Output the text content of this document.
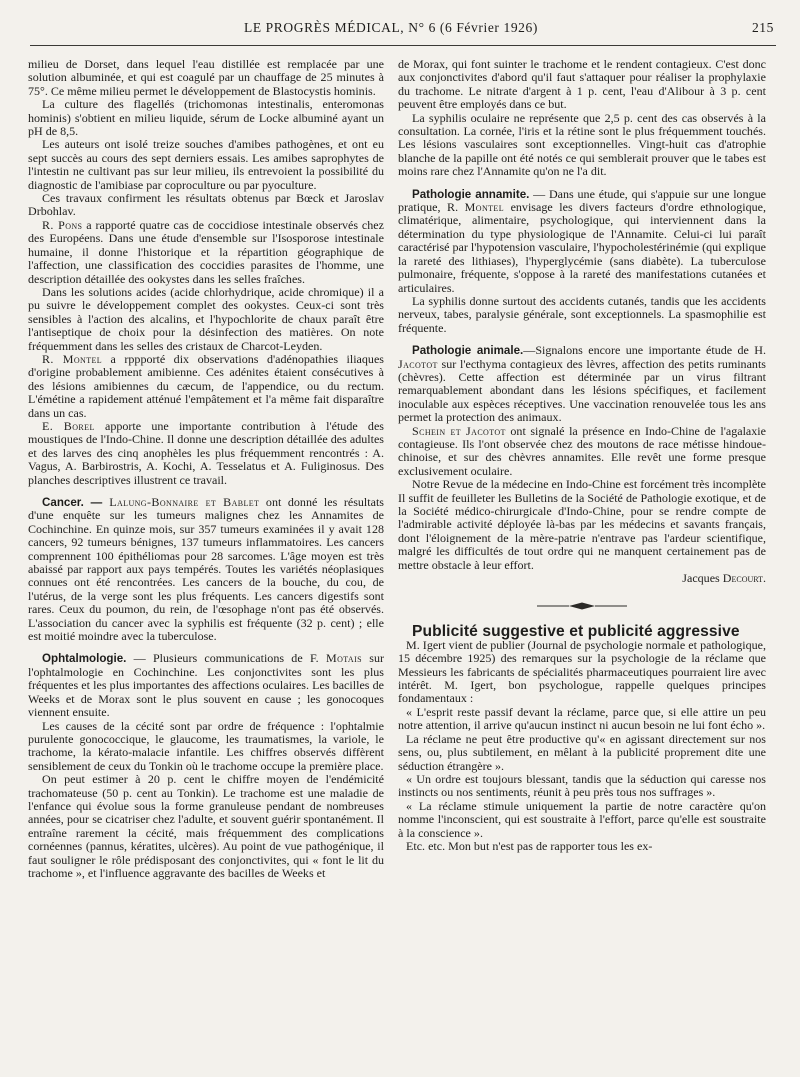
LE PROGRÈS MÉDICAL, N° 6 (6 Février 1926)	215

milieu de Dorset, dans lequel l'eau distillée est remplacée par une solution albuminée, et qui est coagulé par un chauffage de 25 minutes à 75°. Ce même milieu permet le développement de Blastocystis hominis.

La culture des flagellés (trichomonas intestinalis, enteromonas hominis) s'obtient en milieu liquide, sérum de Locke albuminé ayant un pH de 8,5.

Les auteurs ont isolé treize souches d'amibes pathogènes, et ont eu sept succès au cours des sept derniers essais. Les amibes saprophytes de l'intestin ne cultivant pas sur leur milieu, ils entrevoient la possibilité du diagnostic de l'amibiase par coproculture ou par pyoculture.

Ces travaux confirment les résultats obtenus par Bœck et Jaroslav Drbohlav.

R. Pons a rapporté quatre cas de coccidiose intestinale observés chez des Européens. Dans une étude d'ensemble sur l'Isosporose intestinale humaine, il donne l'historique et la répartition géographique de l'affection, une classification des coccidies parasites de l'homme, une description détaillée des ookystes dans les selles fraîches.

Dans les solutions acides (acide chlorhydrique, acide chromique) il a pu suivre le développement complet des ookystes. Ceux-ci sont très sensibles à l'action des alcalins, et l'hypochlorite de chaux paraît être l'antiseptique de choix pour la désinfection des matières. On note fréquemment dans les selles des cristaux de Charcot-Leyden.

R. Montel a rppporté dix observations d'adénopathies iliaques d'origine probablement amibienne. Ces adénites étaient consécutives à des lésions amibiennes du cæcum, de l'appendice, ou du rectum. L'émétine a rapidement atténué l'empâtement et l'a même fait disparaître dans un cas.

E. Borel apporte une importante contribution à l'étude des moustiques de l'Indo-Chine. Il donne une description détaillée des adultes et des larves des cinq anophèles les plus fréquemment rencontrés : A. Vagus, A. Barbirostris, A. Kochi, A. Tesselatus et A. Fuliginosus. Des planches descriptives illustrent ce travail.

Cancer. — Lalung-Bonnaire et Bablet ont donné les résultats d'une enquête sur les tumeurs malignes chez les Annamites de Cochinchine. En quinze mois, sur 357 tumeurs examinées il y avait 128 cancers, 92 tumeurs bénignes, 137 tumeurs inflammatoires. Les cancers comprennent 100 épithéliomas pour 28 sarcomes. L'âge moyen est très abaissé par rapport aux pays tempérés. Toutes les variétés néoplasiques connues ont été rencontrées. Les cancers de la bouche, du cou, de l'utérus, de la verge sont les plus fréquents. Les cancers digestifs sont rares. Ceux du poumon, du rein, de l'œsophage n'ont pas été observés. L'association du cancer avec la syphilis est fréquente (32 p. cent) ; elle est moitié moindre avec la tuberculose.

Ophtalmologie. — Plusieurs communications de F. Motais sur l'ophtalmologie en Cochinchine. Les conjonctivites sont les plus fréquentes et les plus importantes des affections oculaires. Les bacilles de Weeks et de Morax sont le plus souvent en cause ; les gonocoques viennent ensuite.

Les causes de la cécité sont par ordre de fréquence : l'ophtalmie purulente gonococcique, le glaucome, les traumatismes, la variole, le trachome, la kérato-malacie infantile. Les chiffres observés diffèrent sensiblement de ceux du Tonkin où le trachome occupe la première place.

On peut estimer à 20 p. cent le chiffre moyen de l'endémicité trachomateuse (50 p. cent au Tonkin). Le trachome est une maladie de l'enfance qui évolue sous la forme granuleuse pendant de nombreuses années, pour se cicatriser chez l'adulte, et souvent guérir spontanément. Il entraîne rarement la cécité, mais fréquemment des complications cornéennes (pannus, kératites, ulcères). Au point de vue pathogénique, il faut souligner le rôle prédisposant des conjonctivites, qui « font le lit du trachome », et l'influence aggravante des bacilles de Weeks et

de Morax, qui font suinter le trachome et le rendent contagieux. C'est donc aux conjonctivites d'abord qu'il faut s'attaquer pour réaliser la prophylaxie du trachome. Le nitrate d'argent à 1 p. cent, l'eau d'Alibour à 3 p. cent peuvent être employés dans ce but.

La syphilis oculaire ne représente que 2,5 p. cent des cas observés à la consultation. La cornée, l'iris et la rétine sont le plus fréquemment touchés. Les lésions vasculaires sont exceptionnelles. Vingt-huit cas d'atrophie blanche de la papille ont été notés ce qui semblerait prouver que le tabes est moins rare chez l'Annamite qu'on ne l'a dit.

Pathologie annamite. — Dans une étude, qui s'appuie sur une longue pratique, R. Montel envisage les divers facteurs d'ordre ethnologique, climatérique, alimentaire, psychologique, qui interviennent dans la détermination du type physiologique de l'Annamite. Celui-ci lui paraît caractérisé par l'hypotension vasculaire, l'hypocholestérinémie (qui explique la rareté des lithiases), l'hyperglycémie (sans diabète). La tuberculose pulmonaire, fréquente, s'oppose à la rareté des manifestations cutanées et articulaires.

La syphilis donne surtout des accidents cutanés, tandis que les accidents nerveux, tabes, paralysie générale, sont exceptionnels. La spasmophilie est fréquente.

Pathologie animale.—Signalons encore une importante étude de H. Jacotot sur l'ecthyma contagieux des lèvres, affection des petits ruminants (chèvres). Cette affection est déterminée par un virus filtrant remarquablement abondant dans les lésions spécifiques, et facilement inoculable aux espèces réceptives. Une vaccination renouvelée tous les ans permet la protection des animaux.

Schein et Jacotot ont signalé la présence en Indo-Chine de l'agalaxie contagieuse. Ils l'ont observée chez des moutons de race métisse hindoue-chinoise, et sur des chèvres annamites. Elle revêt une forme presque exclusivement oculaire.

Notre Revue de la médecine en Indo-Chine est forcément très incomplète Il suffit de feuilleter les Bulletins de la Société de Pathologie exotique, et de la Société médico-chirurgicale d'Indo-Chine, pour se rendre compte de l'admirable activité déployée là-bas par les médecins et savants français, dont l'éloignement de la mère-patrie n'entrave pas l'ardeur scientifique, malgré les difficultés de tout ordre qui ne manquent certainement pas de mettre obstacle à leur effort.

Jacques Decourt.

Publicité suggestive et publicité aggressive

M. Igert vient de publier (Journal de psychologie normale et pathologique, 15 décembre 1925) des remarques sur la psychologie de la réclame que Messieurs les fabricants de spécialités pharmaceutiques pourraient lire avec intérêt. M. Igert, bon psychologue, rappelle quelques principes fondamentaux :

« L'esprit reste passif devant la réclame, parce que, si elle attire un peu notre attention, il arrive qu'aucun instinct ni aucun besoin ne lui font écho ».

La réclame ne peut être productive qu'« en agissant directement sur nos sens, ou, plus subtilement, en mêlant à la publicité proprement dite une séduction étrangère ».

« Un ordre est toujours blessant, tandis que la séduction qui caresse nos instincts ou nos sentiments, réunit à peu près tous nos suffrages ».

« La réclame stimule uniquement la partie de notre caractère qu'on nomme l'inconscient, qui est soustraite à l'effort, parce qu'elle est soustraite à la conscience ».

Etc. etc. Mon but n'est pas de rapporter tous les ex-
